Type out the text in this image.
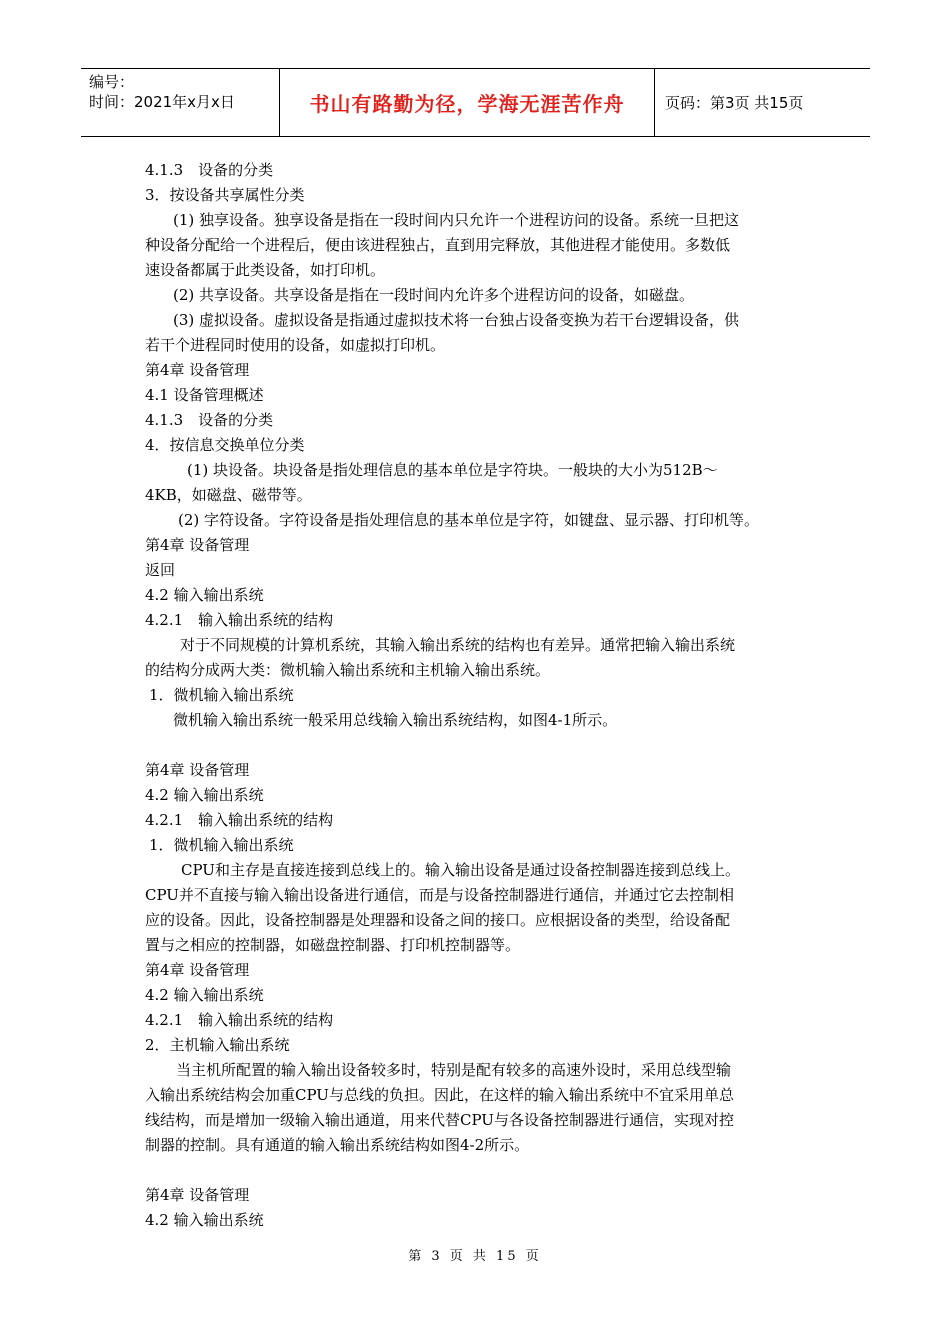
编号：
时间：2021年x月x日	书山有路勤为径，学海无涯苦作舟	页码：第3页 共15页
4.1.3　设备的分类
3．按设备共享属性分类
(1) 独享设备。独享设备是指在一段时间内只允许一个进程访问的设备。系统一旦把这
种设备分配给一个进程后，便由该进程独占，直到用完释放，其他进程才能使用。多数低
速设备都属于此类设备，如打印机。
(2) 共享设备。共享设备是指在一段时间内允许多个进程访问的设备，如磁盘。
(3) 虚拟设备。虚拟设备是指通过虚拟技术将一台独占设备变换为若干台逻辑设备，供
若干个进程同时使用的设备，如虚拟打印机。
第4章 设备管理
4.1 设备管理概述
4.1.3　设备的分类
4．按信息交换单位分类
(1) 块设备。块设备是指处理信息的基本单位是字符块。一般块的大小为512B～
4KB，如磁盘、磁带等。
(2) 字符设备。字符设备是指处理信息的基本单位是字符，如键盘、显示器、打印机等。
第4章 设备管理
返回
4.2 输入输出系统
4.2.1　输入输出系统的结构
对于不同规模的计算机系统，其输入输出系统的结构也有差异。通常把输入输出系统
的结构分成两大类：微机输入输出系统和主机输入输出系统。
1．微机输入输出系统
微机输入输出系统一般采用总线输入输出系统结构，如图4-1所示。
第4章 设备管理
4.2 输入输出系统
4.2.1　输入输出系统的结构
1．微机输入输出系统
CPU和主存是直接连接到总线上的。输入输出设备是通过设备控制器连接到总线上。
CPU并不直接与输入输出设备进行通信，而是与设备控制器进行通信，并通过它去控制相
应的设备。因此，设备控制器是处理器和设备之间的接口。应根据设备的类型，给设备配
置与之相应的控制器，如磁盘控制器、打印机控制器等。
第4章 设备管理
4.2 输入输出系统
4.2.1　输入输出系统的结构
2．主机输入输出系统
当主机所配置的输入输出设备较多时，特别是配有较多的高速外设时，采用总线型输
入输出系统结构会加重CPU与总线的负担。因此，在这样的输入输出系统中不宜采用单总
线结构，而是增加一级输入输出通道，用来代替CPU与各设备控制器进行通信，实现对控
制器的控制。具有通道的输入输出系统结构如图4-2所示。
第4章 设备管理
4.2 输入输出系统
第 3 页 共 15 页
